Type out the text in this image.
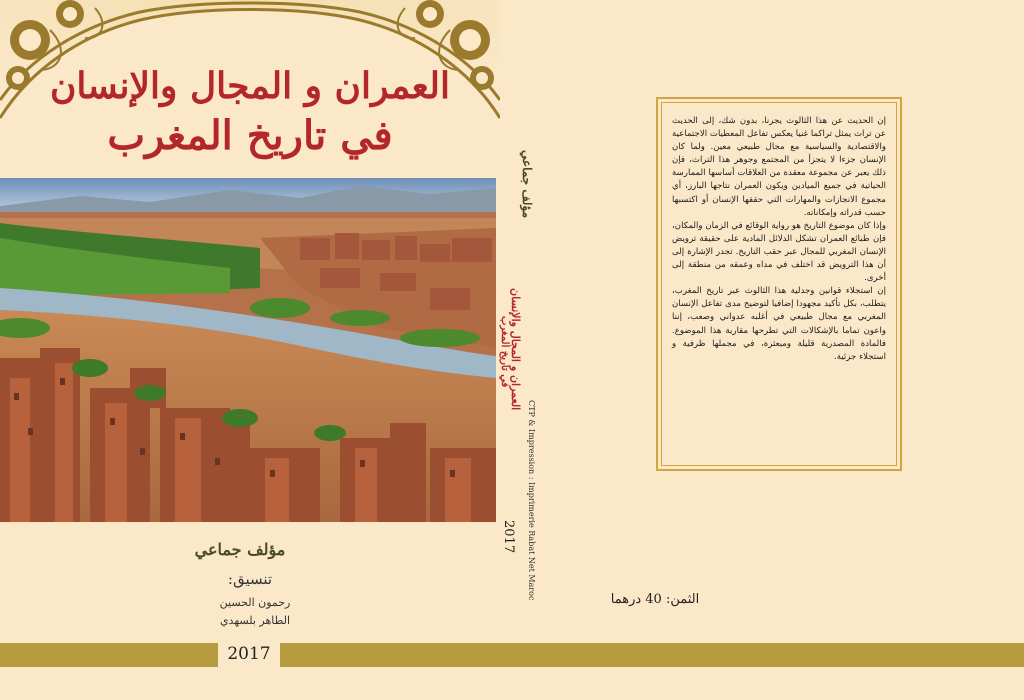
العمران و المجال والإنسان
في تاريخ المغرب
مؤلف جماعي
تنسيق:
رحمون الحسين
الطاهر بلسهدي
مؤلف جماعي
العمران و المجال والإنسان
في تاريخ المغرب
CTP & Impression : Imprimerie Rabat Net Maroc
2017

إن الحديث عن هذا الثالوث يجرنا، بدون شك، إلى الحديث عن تراث يمثل تراكما غنيا يعكس تفاعل المعطيات الاجتماعية والاقتصادية والسياسية مع مجال طبيعي معين. ولما كان الإنسان جزءا لا يتجزأ من المجتمع وجوهر هذا التراث، فإن ذلك يعبر عن مجموعة معقدة من العلاقات أساسها الممارسة الحياتية في جميع الميادين ويكون العمران نتاجها البارز، أي مجموع الانجازات والمهارات التي حققها الإنسان أو اكتسبها حسب قدراته وإمكاناته.

وإذا كان موضوع التاريخ هو رواية الوقائع في الزمان والمكان، فإن طبائع العمران تشكل الدلائل المادية على حقيقة ترويض الإنسان المغربي للمجال عبر حقب التاريخ. تجدر الإشارة إلى أن هذا الترويض قد اختلف في مداه وعمقه من منطقة إلى أخرى.

إن استجلاء قوانين وجدلية هذا الثالوث عبر تاريخ المغرب، يتطلب، بكل تأكيد مجهودا إضافيا لتوضيح مدى تفاعل الإنسان المغربي مع مجال طبيعي في أغلبه عدواني وصعب، إننا واعون تماما بالإشكالات التي تطرحها مقاربة هذا الموضوع. فالمادة المصدرية قليلة ومبعثرة، في مجملها ظرفية و استجلاء جزئية.

الثمن: 40 درهما
2017
